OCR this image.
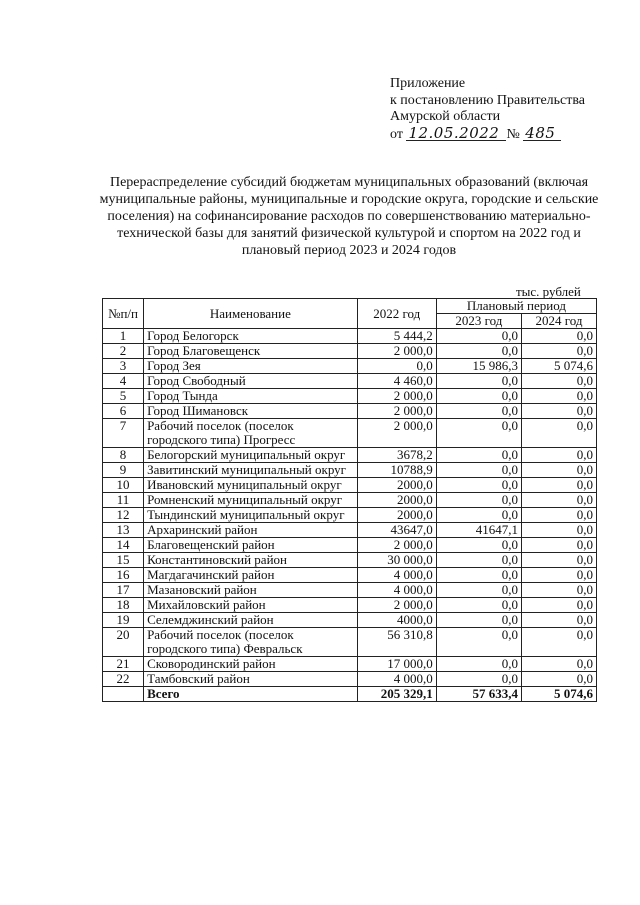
Приложение
к постановлению Правительства
Амурской области
от 12.05.2022 № 485
Перераспределение субсидий бюджетам муниципальных образований (включая муниципальные районы, муниципальные и городские округа, городские и сельские поселения) на софинансирование расходов по совершенствованию материально-технической базы для занятий физической культурой и спортом на 2022 год и плановый период 2023 и 2024 годов
тыс. рублей
№п/п	Наименование	2022 год	Плановый период	
			2023 год	2024 год
1	Город Белогорск	5 444,2	0,0	0,0
2	Город Благовещенск	2 000,0	0,0	0,0
3	Город Зея	0,0	15 986,3	5 074,6
4	Город Свободный	4 460,0	0,0	0,0
5	Город Тында	2 000,0	0,0	0,0
6	Город Шимановск	2 000,0	0,0	0,0
7	Рабочий поселок (поселок городского типа) Прогресс	2 000,0	0,0	0,0
8	Белогорский муниципальный округ	3678,2	0,0	0,0
9	Завитинский муниципальный округ	10788,9	0,0	0,0
10	Ивановский муниципальный округ	2000,0	0,0	0,0
11	Ромненский муниципальный округ	2000,0	0,0	0,0
12	Тындинский муниципальный округ	2000,0	0,0	0,0
13	Архаринский район	43647,0	41647,1	0,0
14	Благовещенский район	2 000,0	0,0	0,0
15	Константиновский район	30 000,0	0,0	0,0
16	Магдагачинский район	4 000,0	0,0	0,0
17	Мазановский район	4 000,0	0,0	0,0
18	Михайловский район	2 000,0	0,0	0,0
19	Селемджинский район	4000,0	0,0	0,0
20	Рабочий поселок (поселок городского типа) Февральск	56 310,8	0,0	0,0
21	Сковородинский район	17 000,0	0,0	0,0
22	Тамбовский район	4 000,0	0,0	0,0
	Всего	205 329,1	57 633,4	5 074,6
